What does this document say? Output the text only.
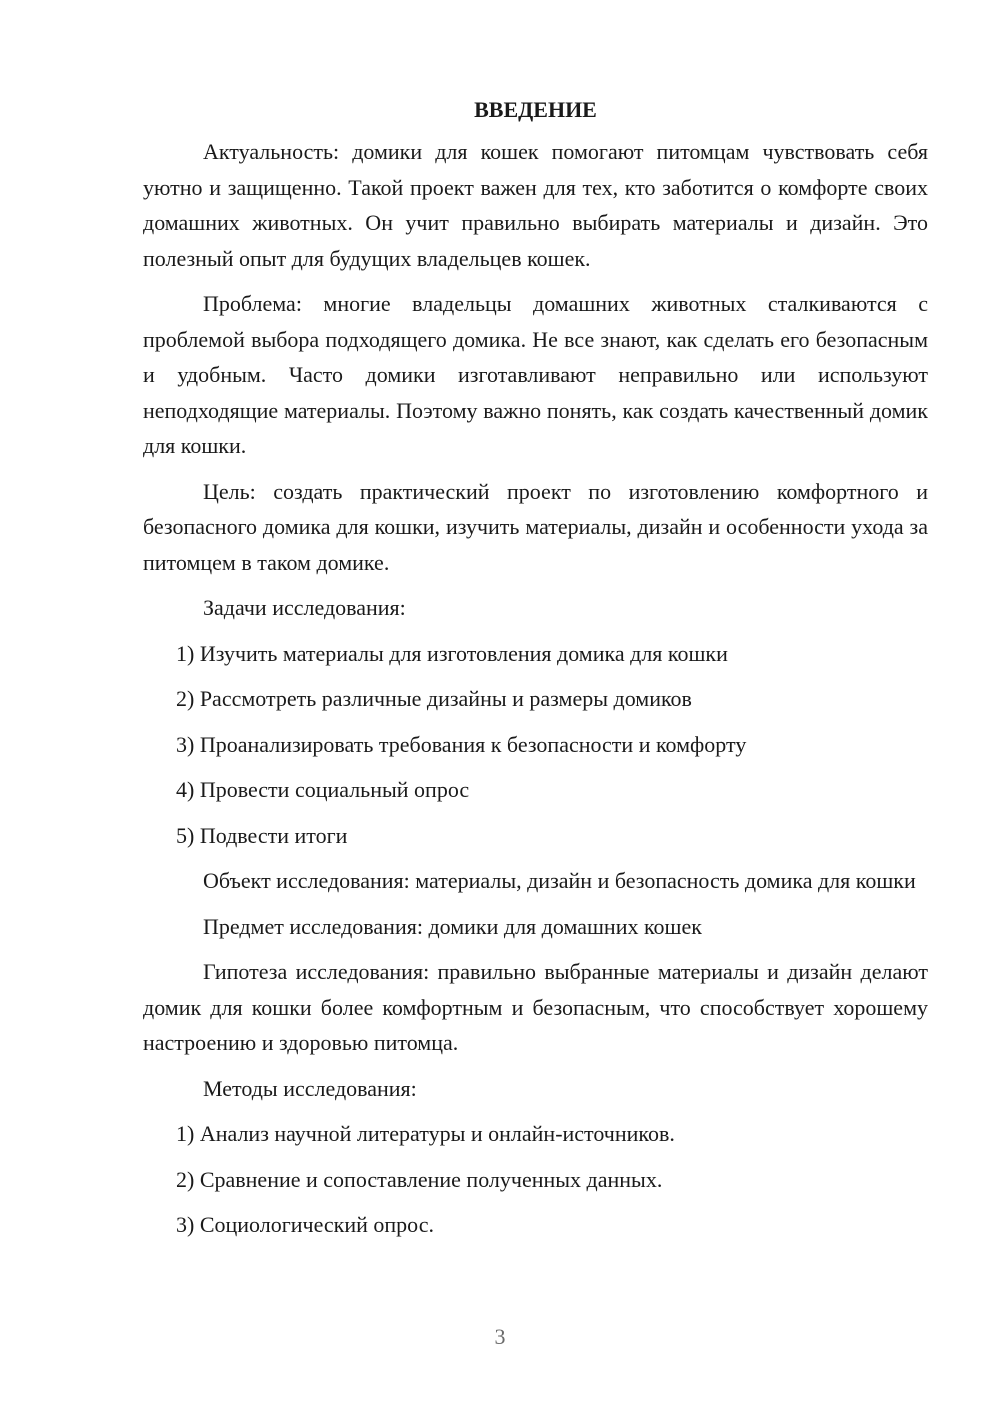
ВВЕДЕНИЕ

Актуальность: домики для кошек помогают питомцам чувствовать себя уютно и защищенно. Такой проект важен для тех, кто заботится о комфорте своих домашних животных. Он учит правильно выбирать материалы и дизайн. Это полезный опыт для будущих владельцев кошек.

Проблема: многие владельцы домашних животных сталкиваются с проблемой выбора подходящего домика. Не все знают, как сделать его безопасным и удобным. Часто домики изготавливают неправильно или используют неподходящие материалы. Поэтому важно понять, как создать качественный домик для кошки.

Цель: создать практический проект по изготовлению комфортного и безопасного домика для кошки, изучить материалы, дизайн и особенности ухода за питомцем в таком домике.

Задачи исследования:

1) Изучить материалы для изготовления домика для кошки
2) Рассмотреть различные дизайны и размеры домиков
3) Проанализировать требования к безопасности и комфорту
4) Провести социальный опрос
5) Подвести итоги

Объект исследования: материалы, дизайн и безопасность домика для кошки

Предмет исследования: домики для домашних кошек

Гипотеза исследования: правильно выбранные материалы и дизайн делают домик для кошки более комфортным и безопасным, что способствует хорошему настроению и здоровью питомца.

Методы исследования:

1) Анализ научной литературы и онлайн-источников.
2) Сравнение и сопоставление полученных данных.
3) Социологический опрос.
3
